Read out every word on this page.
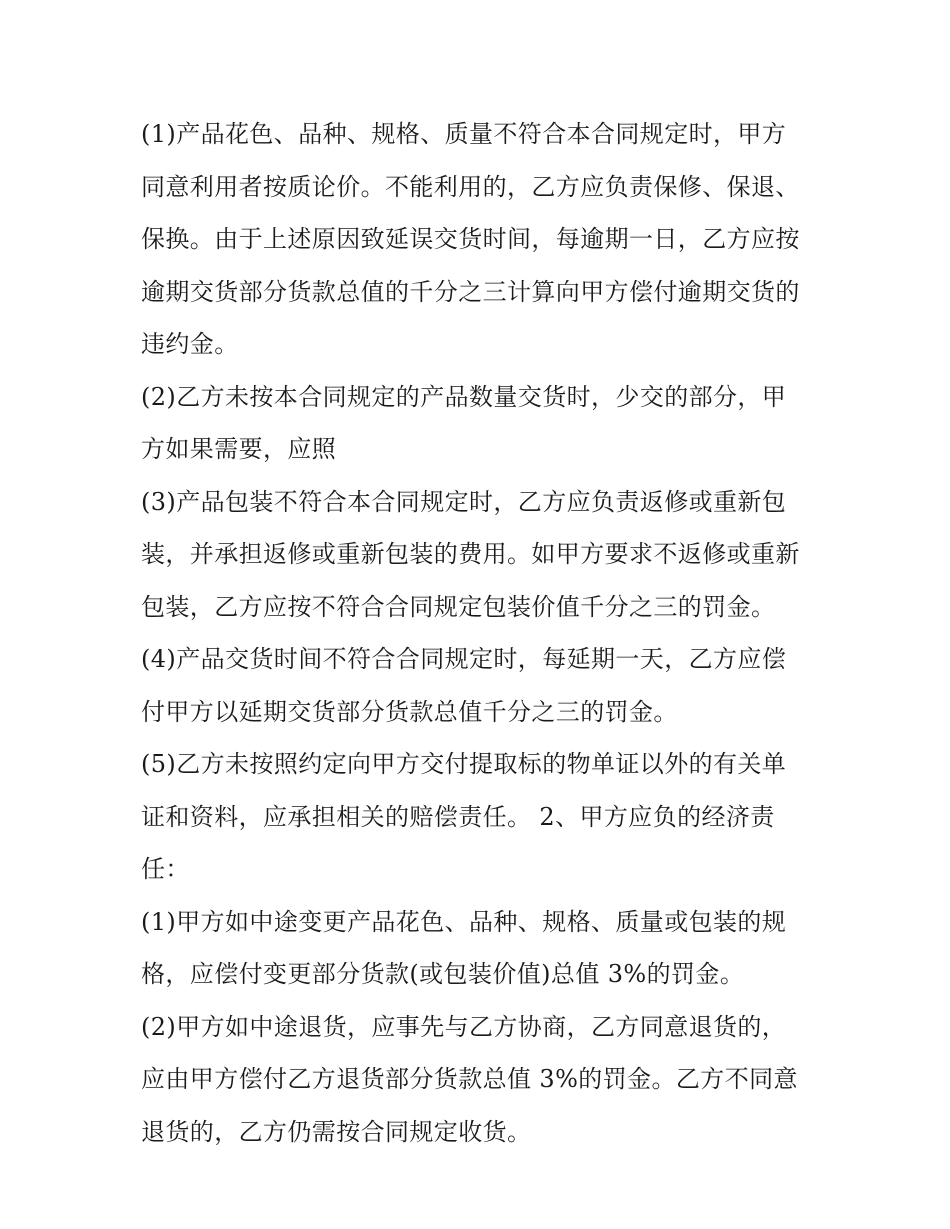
(1)产品花色、品种、规格、质量不符合本合同规定时，甲方
同意利用者按质论价。不能利用的，乙方应负责保修、保退、
保换。由于上述原因致延误交货时间，每逾期一日，乙方应按
逾期交货部分货款总值的千分之三计算向甲方偿付逾期交货的
违约金。
(2)乙方未按本合同规定的产品数量交货时，少交的部分，甲
方如果需要，应照
(3)产品包装不符合本合同规定时，乙方应负责返修或重新包
装，并承担返修或重新包装的费用。如甲方要求不返修或重新
包装，乙方应按不符合合同规定包装价值千分之三的罚金。
(4)产品交货时间不符合合同规定时，每延期一天，乙方应偿
付甲方以延期交货部分货款总值千分之三的罚金。
(5)乙方未按照约定向甲方交付提取标的物单证以外的有关单
证和资料，应承担相关的赔偿责任。 2、甲方应负的经济责
任：
(1)甲方如中途变更产品花色、品种、规格、质量或包装的规
格，应偿付变更部分货款(或包装价值)总值 3%的罚金。
(2)甲方如中途退货，应事先与乙方协商，乙方同意退货的，
应由甲方偿付乙方退货部分货款总值 3%的罚金。乙方不同意
退货的，乙方仍需按合同规定收货。
